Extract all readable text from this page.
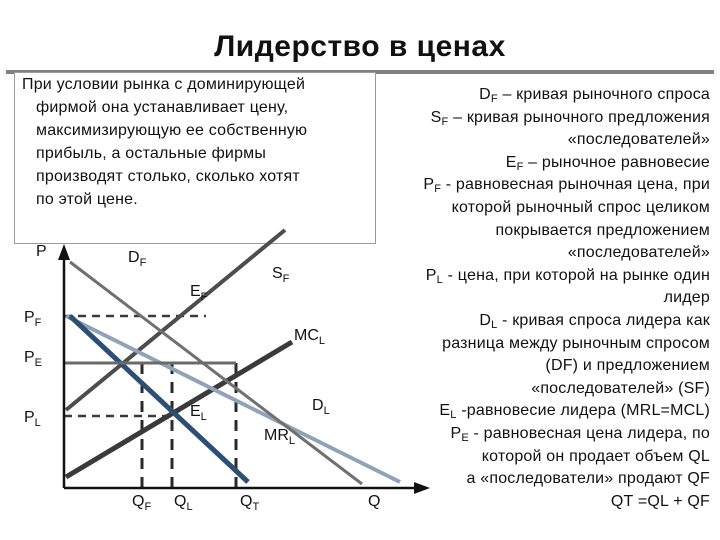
Лидерство в ценах
При условии рынка с доминирующей
фирмой она устанавливает цену,
максимизирующую ее собственную
прибыль, а остальные фирмы
производят столько, сколько хотят
по этой цене.
$D_F$ – кривая рыночного спроса
$S_F$ – кривая рыночного предложения
«последователей»
$E_F$ – рыночное равновесие
$P_F$ - равновесная рыночная цена, при
которой рыночный спрос целиком
покрывается предложением
«последователей»
$P_L$ - цена, при которой на рынке один
лидер
$D_L$ - кривая спроса лидера как
разница между рыночным спросом
(DF) и предложением
«последователей» (SF)
$E_L$ -равновесие лидера (MRL=MCL)
$P_E$ - равновесная цена лидера, по
которой он продает объем QL
а «последователи» продают QF
QT =QL + QF
P
Q
$P_F$
$P_E$
$P_L$
$Q_F$ $Q_L$	$Q_T$
$D_F$
$S_F$
$MC_L$
$D_L$
$MR_L$
$E_F$
$E_L$
